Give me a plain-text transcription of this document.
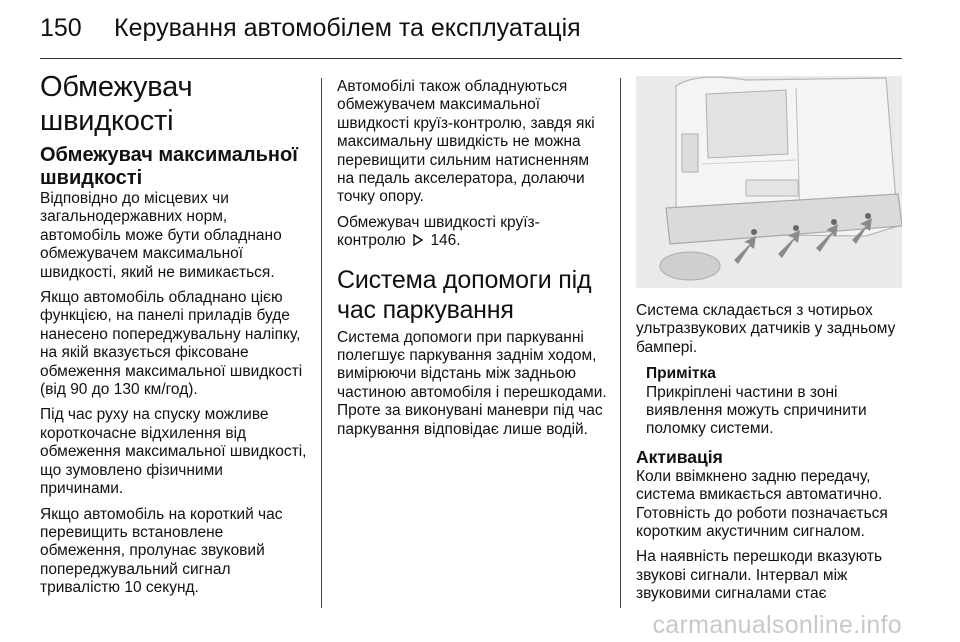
150 Керування автомобілем та експлуатація
Обмежувач швидкості
Обмежувач максимальної швидкості

Відповідно до місцевих чи загальнодержавних норм, автомобіль може бути обладнано обмежувачем максимальної швидкості, який не вимикається.

Якщо автомобіль обладнано цією функцією, на панелі приладів буде нанесено попереджувальну наліпку, на якій вказується фіксоване обмеження максимальної швидкості (від 90 до 130 км/год).

Під час руху на спуску можливе короткочасне відхилення від обмеження максимальної швидкості, що зумовлено фізичними причинами.

Якщо автомобіль на короткий час перевищить встановлене обмеження, пролунає звуковий попереджувальний сигнал тривалістю 10 секунд.

Автомобілі також обладнуються обмежувачем максимальної швидкості круїз-контролю, завдя які максимальну швидкість не можна перевищити сильним натисненням на педаль акселератора, долаючи точку опору.

Обмежувач швидкості круїз-контролю 146.

Система допомоги під час паркування

Система допомоги при паркуванні полегшує паркування заднім ходом, вимірюючи відстань між задньою частиною автомобіля і перешкодами. Проте за виконувані маневри під час паркування відповідає лише водій.

Система складається з чотирьох ультразвукових датчиків у задньому бампері.

Примітка
Прикріплені частини в зоні виявлення можуть спричинити поломку системи.
Активація

Коли ввімкнено задню передачу, система вмикається автоматично. Готовність до роботи позначається коротким акустичним сигналом.

На наявність перешкоди вказують звукові сигнали. Інтервал між звуковими сигналами стає

carmanualsonline.info
